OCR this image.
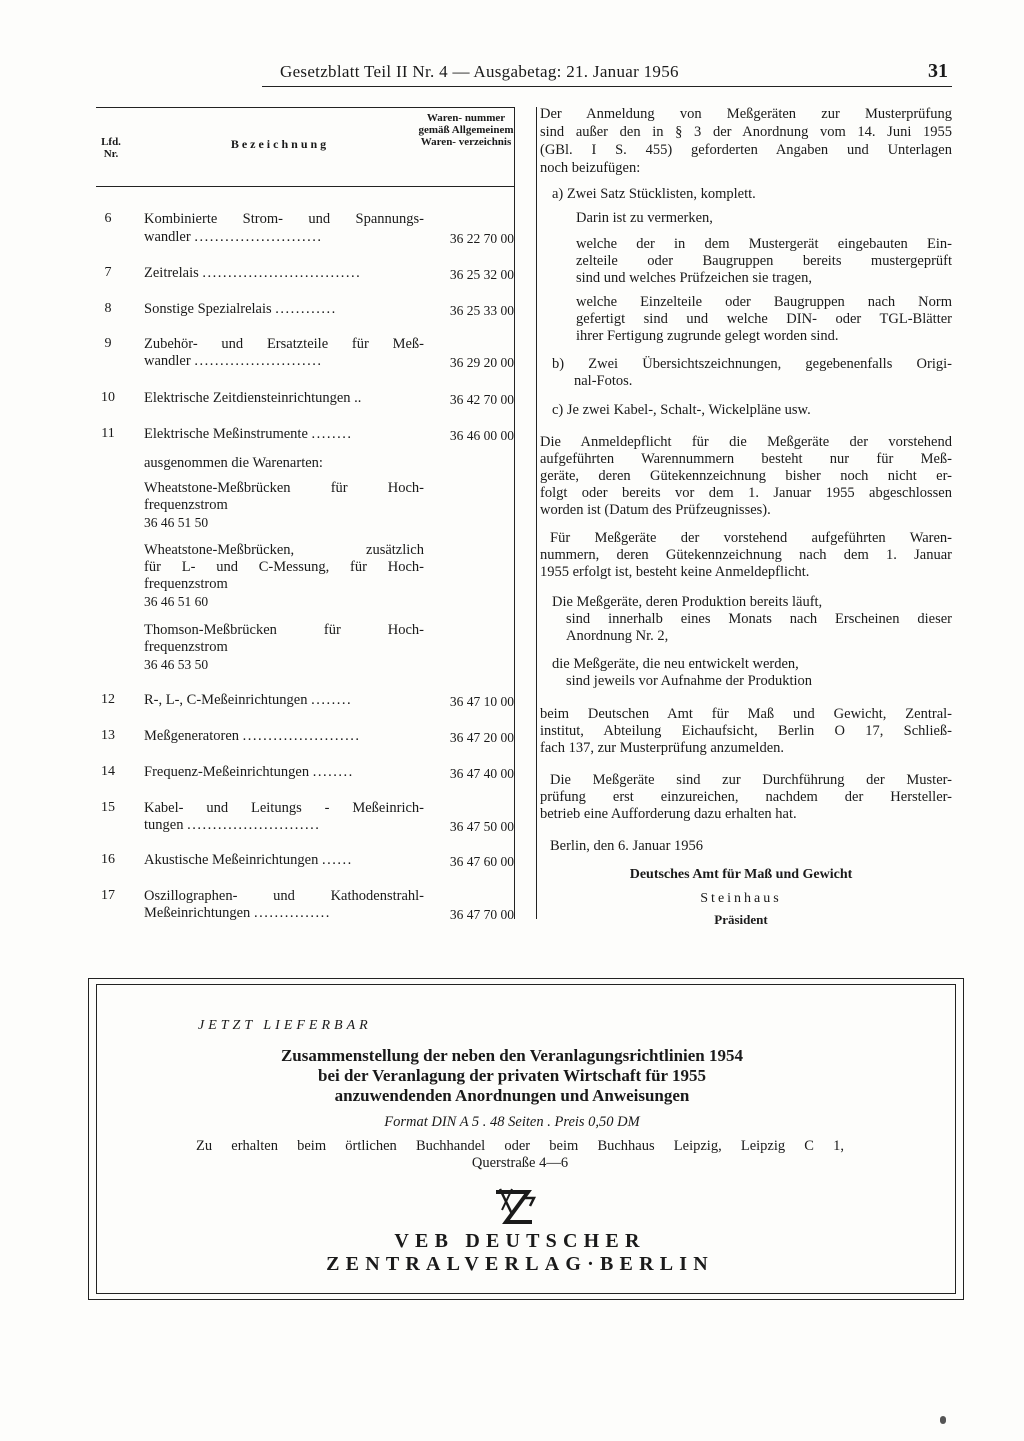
Gesetzblatt Teil II Nr. 4 — Ausgabetag: 21. Januar 1956	31
Lfd. Nr.
Bezeichnung
Waren- nummer gemäß Allgemeinem Waren- verzeichnis
6	Kombinierte Strom- und Spannungs-
wandler .........................	36 22 70 00
7	Zeitrelais ...............................	36 25 32 00
8	Sonstige Spezialrelais ............	36 25 33 00
9	Zubehör- und Ersatzteile für Meß-
wandler .........................	36 29 20 00
10	Elektrische Zeitdiensteinrichtungen ..	36 42 70 00
11	Elektrische Meßinstrumente ........	36 46 00 00
ausgenommen die Warenarten:
Wheatstone-Meßbrücken für Hoch-
frequenzstrom
36 46 51 50
Wheatstone-Meßbrücken, zusätzlich
für L- und C-Messung, für Hoch-
frequenzstrom
36 46 51 60
Thomson-Meßbrücken für Hoch-
frequenzstrom
36 46 53 50
12	R-, L-, C-Meßeinrichtungen ........	36 47 10 00
13	Meßgeneratoren .......................	36 47 20 00
14	Frequenz-Meßeinrichtungen ........	36 47 40 00
15	Kabel- und Leitungs - Meßeinrich-
tungen ..........................	36 47 50 00
16	Akustische Meßeinrichtungen ......	36 47 60 00
17	Oszillographen- und Kathodenstrahl-
Meßeinrichtungen ...............	36 47 70 00
Der Anmeldung von Meßgeräten zur Musterprüfung
sind außer den in § 3 der Anordnung vom 14. Juni 1955
(GBl. I S. 455) geforderten Angaben und Unterlagen
noch beizufügen:
a) Zwei Satz Stücklisten, komplett.
Darin ist zu vermerken,
welche der in dem Mustergerät eingebauten Ein-
zelteile oder Baugruppen bereits mustergeprüft
sind und welches Prüfzeichen sie tragen,
welche Einzelteile oder Baugruppen nach Norm
gefertigt sind und welche DIN- oder TGL-Blätter
ihrer Fertigung zugrunde gelegt worden sind.
b) Zwei Übersichtszeichnungen, gegebenenfalls Origi-
nal-Fotos.
c) Je zwei Kabel-, Schalt-, Wickelpläne usw.
Die Anmeldepflicht für die Meßgeräte der vorstehend
aufgeführten Warennummern besteht nur für Meß-
geräte, deren Gütekennzeichnung bisher noch nicht er-
folgt oder bereits vor dem 1. Januar 1955 abgeschlossen
worden ist (Datum des Prüfzeugnisses).
Für Meßgeräte der vorstehend aufgeführten Waren-
nummern, deren Gütekennzeichnung nach dem 1. Januar
1955 erfolgt ist, besteht keine Anmeldepflicht.
Die Meßgeräte, deren Produktion bereits läuft,
sind innerhalb eines Monats nach Erscheinen dieser
Anordnung Nr. 2,
die Meßgeräte, die neu entwickelt werden,
sind jeweils vor Aufnahme der Produktion
beim Deutschen Amt für Maß und Gewicht, Zentral-
institut, Abteilung Eichaufsicht, Berlin O 17, Schließ-
fach 137, zur Musterprüfung anzumelden.
Die Meßgeräte sind zur Durchführung der Muster-
prüfung erst einzureichen, nachdem der Hersteller-
betrieb eine Aufforderung dazu erhalten hat.
Berlin, den 6. Januar 1956
Deutsches Amt für Maß und Gewicht
Steinhaus
Präsident
JETZT LIEFERBAR
Zusammenstellung der neben den Veranlagungsrichtlinien 1954
bei der Veranlagung der privaten Wirtschaft für 1955
anzuwendenden Anordnungen und Anweisungen
Format DIN A 5 . 48 Seiten . Preis 0,50 DM
Zu erhalten beim örtlichen Buchhandel oder beim Buchhaus Leipzig, Leipzig C 1,
Querstraße 4—6
VEB DEUTSCHER ZENTRALVERLAG·BERLIN
